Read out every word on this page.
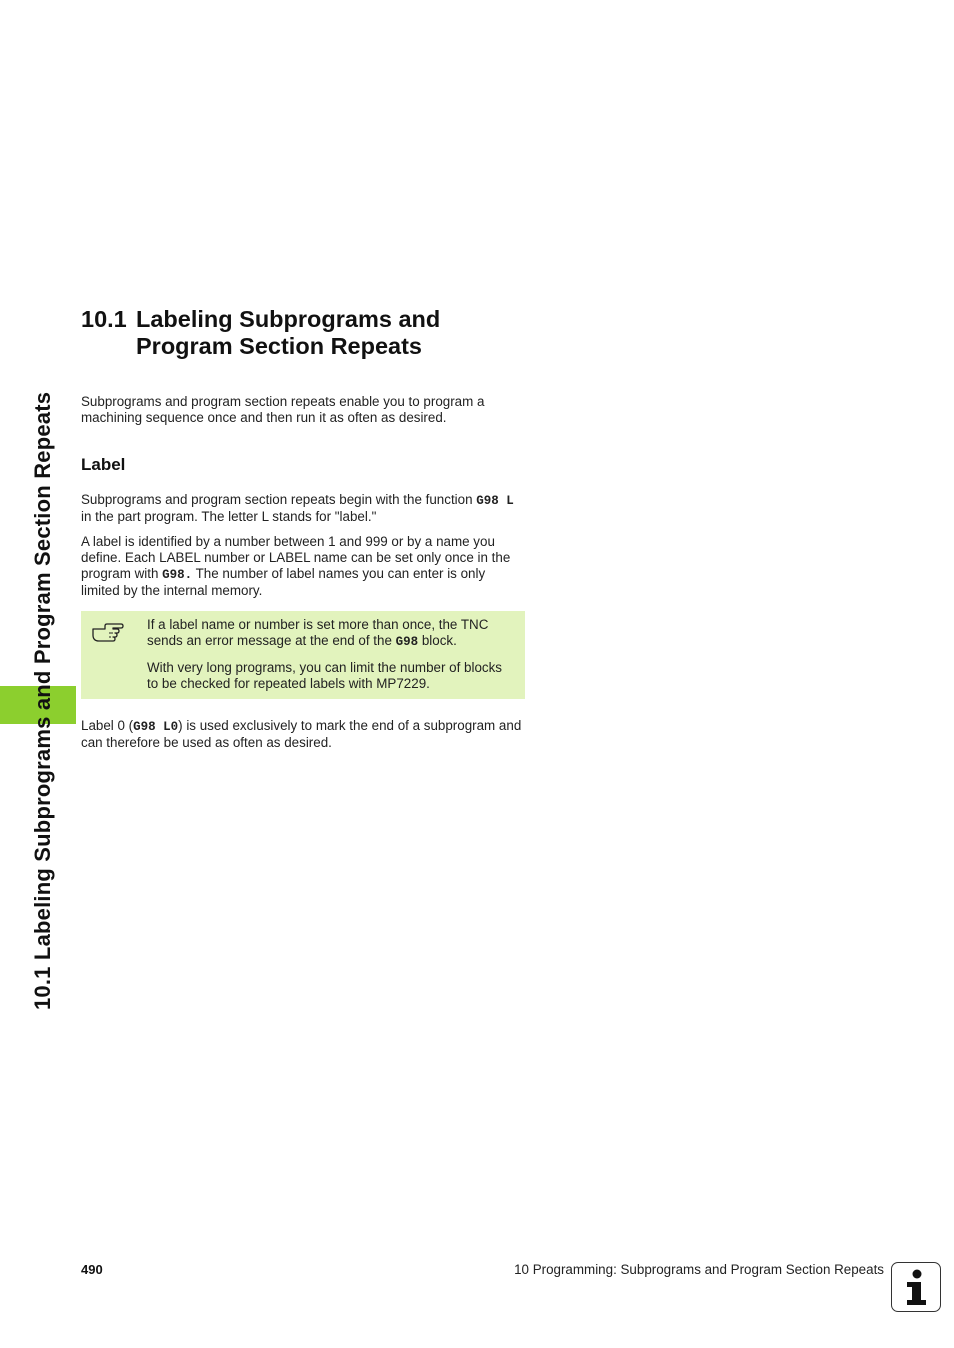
10.1 Labeling Subprograms and Program Section Repeats
10.1 Labeling Subprograms and
Program Section Repeats

Subprograms and program section repeats enable you to program a machining sequence once and then run it as often as desired.

Label

Subprograms and program section repeats begin with the function G98 L in the part program. The letter L stands for "label."

A label is identified by a number between 1 and 999 or by a name you define. Each LABEL number or LABEL name can be set only once in the program with G98. The number of label names you can enter is only limited by the internal memory.

If a label name or number is set more than once, the TNC sends an error message at the end of the G98 block.

With very long programs, you can limit the number of blocks to be checked for repeated labels with MP7229.

Label 0 (G98 L0) is used exclusively to mark the end of a subprogram and can therefore be used as often as desired.

490	10 Programming: Subprograms and Program Section Repeats
